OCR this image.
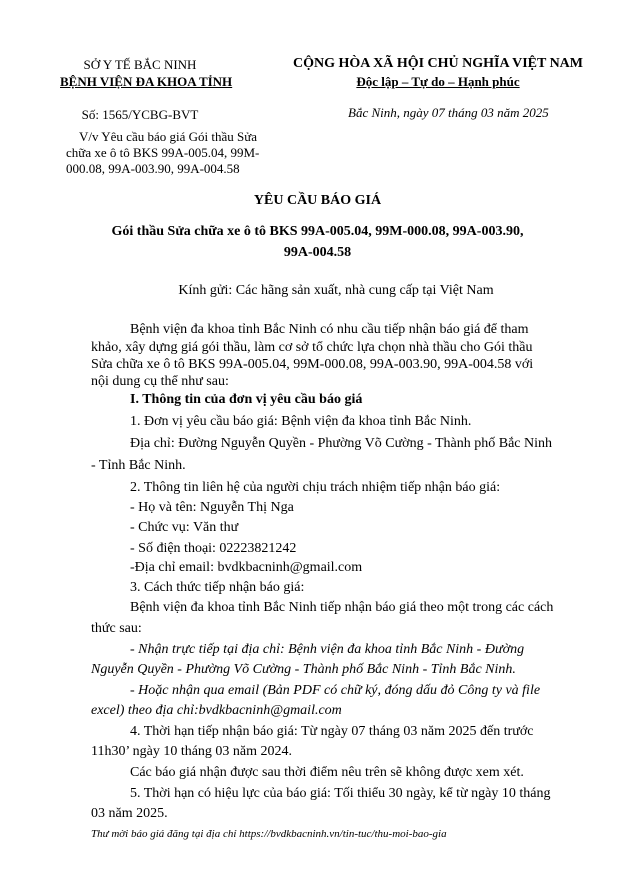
SỞ Y TẾ BẮC NINH
BỆNH VIỆN ĐA KHOA TỈNH
Số: 1565/YCBG-BVT
V/v Yêu cầu báo giá Gói thầu Sửa
chữa xe ô tô BKS 99A-005.04, 99M-
000.08, 99A-003.90, 99A-004.58
CỘNG HÒA XÃ HỘI CHỦ NGHĨA VIỆT NAM
Độc lập – Tự do – Hạnh phúc
Bắc Ninh, ngày 07 tháng 03 năm 2025
YÊU CẦU BÁO GIÁ
Gói thầu Sửa chữa xe ô tô BKS 99A-005.04, 99M-000.08, 99A-003.90,
99A-004.58
Kính gửi: Các hãng sản xuất, nhà cung cấp tại Việt Nam
Bệnh viện đa khoa tỉnh Bắc Ninh có nhu cầu tiếp nhận báo giá để tham
khảo, xây dựng giá gói thầu, làm cơ sở tổ chức lựa chọn nhà thầu cho Gói thầu
Sửa chữa xe ô tô BKS 99A-005.04, 99M-000.08, 99A-003.90, 99A-004.58 với
nội dung cụ thể như sau:
I. Thông tin của đơn vị yêu cầu báo giá
1. Đơn vị yêu cầu báo giá: Bệnh viện đa khoa tỉnh Bắc Ninh.
Địa chỉ: Đường Nguyễn Quyền - Phường Võ Cường - Thành phố Bắc Ninh
- Tỉnh Bắc Ninh.
2. Thông tin liên hệ của người chịu trách nhiệm tiếp nhận báo giá:
- Họ và tên: Nguyễn Thị Nga
- Chức vụ: Văn thư
- Số điện thoại: 02223821242
-Địa chỉ email: bvdkbacninh@gmail.com
3. Cách thức tiếp nhận báo giá:
Bệnh viện đa khoa tỉnh Bắc Ninh tiếp nhận báo giá theo một trong các cách
thức sau:
- Nhận trực tiếp tại địa chỉ: Bệnh viện đa khoa tỉnh Bắc Ninh - Đường
Nguyễn Quyền - Phường Võ Cường - Thành phố Bắc Ninh - Tỉnh Bắc Ninh.
- Hoặc nhận qua email (Bản PDF có chữ ký, đóng dấu đỏ Công ty và file
excel) theo địa chỉ:bvdkbacninh@gmail.com
4. Thời hạn tiếp nhận báo giá: Từ ngày 07 tháng 03 năm 2025 đến trước
11h30’ ngày 10 tháng 03 năm 2024.
Các báo giá nhận được sau thời điểm nêu trên sẽ không được xem xét.
5. Thời hạn có hiệu lực của báo giá: Tối thiểu 30 ngày, kể từ ngày 10 tháng
03 năm 2025.
Thư mời báo giá đăng tại địa chỉ https://bvdkbacninh.vn/tin-tuc/thu-moi-bao-gia
